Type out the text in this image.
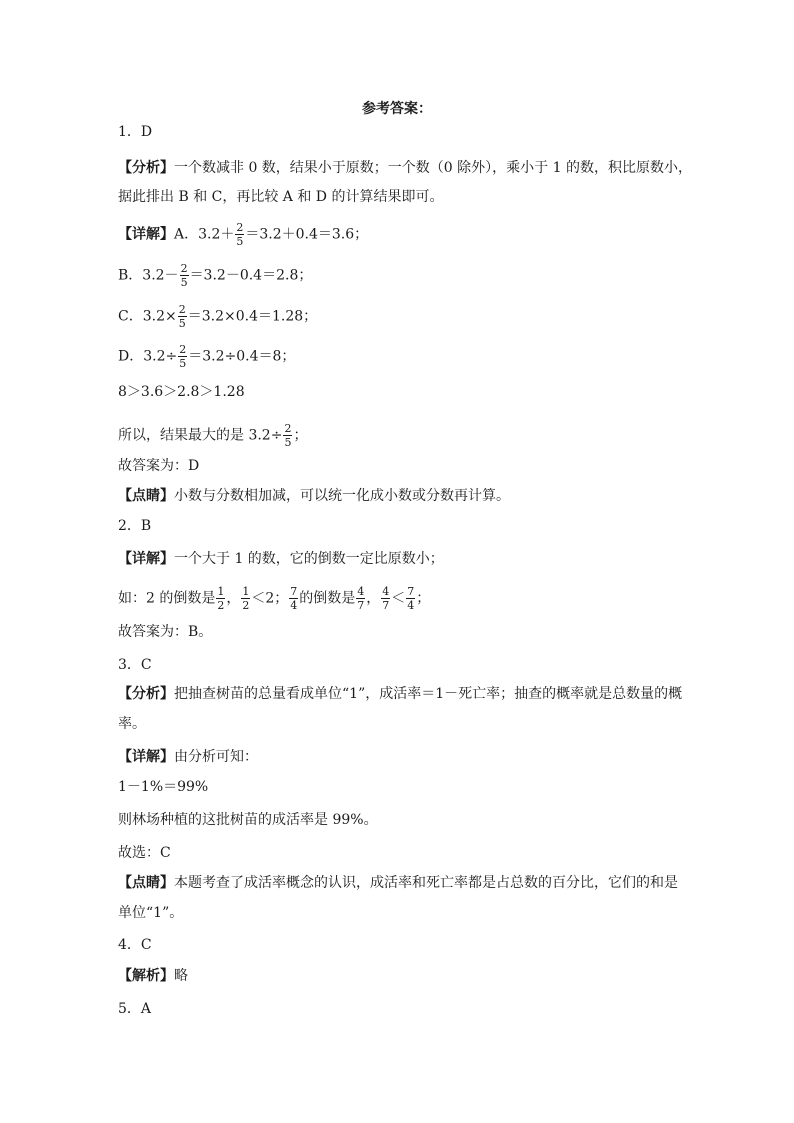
参考答案：
1．D
【分析】一个数减非 0 数，结果小于原数；一个数（0 除外），乘小于 1 的数，积比原数小，
据此排出 B 和 C，再比较 A 和 D 的计算结果即可。
【详解】A．$3.2+ \frac{2}{5} =3.2+0.4=3.6$；
B．$3.2- \frac{2}{5} =3.2-0.4=2.8$；
C．$3.2\times \frac{2}{5} =3.2\times 0.4=1.28$；
D．$3.2\div \frac{2}{5} =3.2\div 0.4=8$；
8＞3.6＞2.8＞1.28
所以，结果最大的是 $3.2\div \frac{2}{5}$ ；
故答案为：D
【点睛】小数与分数相加减，可以统一化成小数或分数再计算。
2．B
【详解】一个大于 1 的数，它的倒数一定比原数小；
如：2 的倒数是 $\frac{1}{2}$ ， $\frac{1}{2} <2$； $\frac{7}{4}$ 的倒数是 $\frac{4}{7}$ ， $\frac{4}{7} < \frac{7}{4}$ ；
故答案为：B。
3．C
【分析】把抽查树苗的总量看成单位“1”，成活率＝1－死亡率；抽查的概率就是总数量的概
率。
【详解】由分析可知：
1－1%＝99%
则林场种植的这批树苗的成活率是 99%。
故选：C
【点睛】本题考查了成活率概念的认识，成活率和死亡率都是占总数的百分比，它们的和是
单位“1”。
4．C
【解析】略
5．A
